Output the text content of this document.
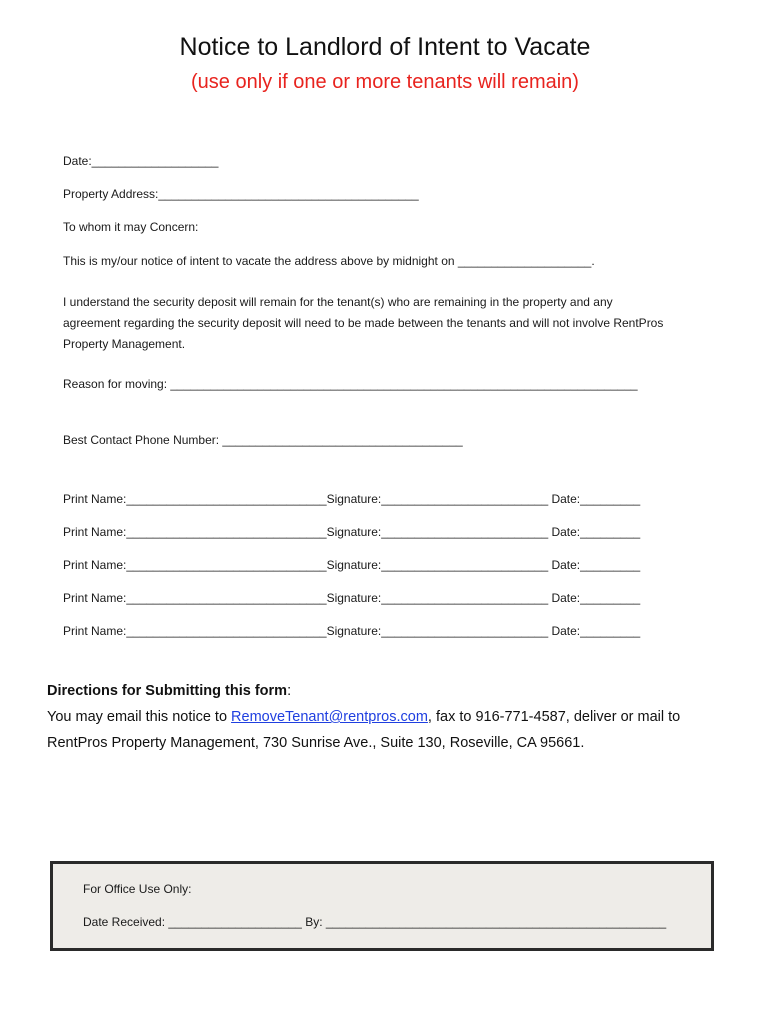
Notice to Landlord of Intent to Vacate
(use only if one or more tenants will remain)
Date:___________________
Property Address:_______________________________________
To whom it may Concern:
This is my/our notice of intent to vacate the address above by midnight on ____________________.
I understand the security deposit will remain for the tenant(s) who are remaining in the property and any agreement regarding the security deposit will need to be made between the tenants and will not involve RentPros Property Management.
Reason for moving: ______________________________________________________________________
Best Contact Phone Number: ____________________________________
Print Name:______________________________Signature:_________________________ Date:_________
Print Name:______________________________Signature:_________________________ Date:_________
Print Name:______________________________Signature:_________________________ Date:_________
Print Name:______________________________Signature:_________________________ Date:_________
Print Name:______________________________Signature:_________________________ Date:_________
Directions for Submitting this form:
You may email this notice to RemoveTenant@rentpros.com, fax to 916-771-4587, deliver or mail to RentPros Property Management, 730 Sunrise Ave., Suite 130, Roseville, CA 95661.
For Office Use Only:
Date Received: ____________________ By: ___________________________________________________
